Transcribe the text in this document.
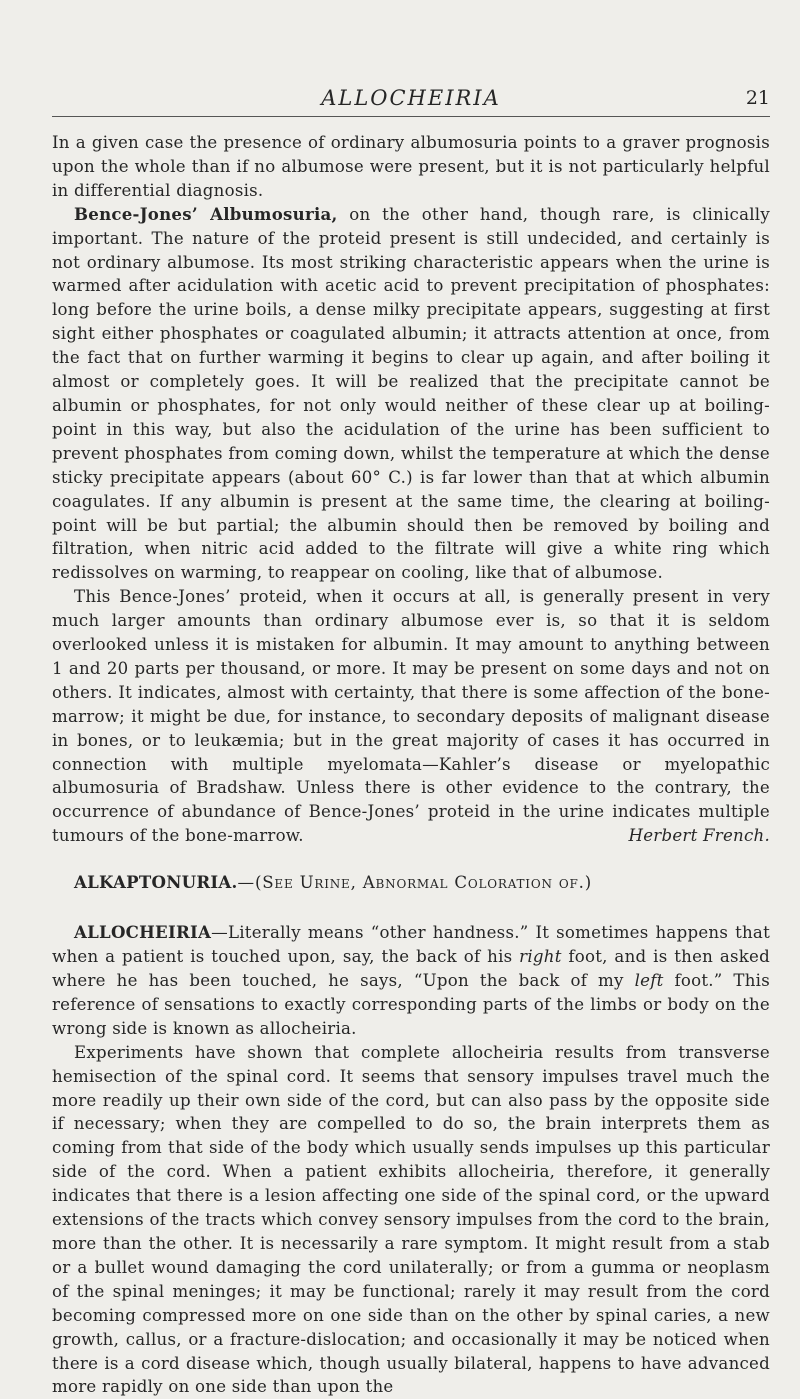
ALLOCHEIRIA	21

In a given case the presence of ordinary albumosuria points to a graver prognosis upon the whole than if no albumose were present, but it is not particularly helpful in differential diagnosis.

Bence-Jones’ Albumosuria, on the other hand, though rare, is clinically important. The nature of the proteid present is still undecided, and certainly is not ordinary albumose. Its most striking characteristic appears when the urine is warmed after acidulation with acetic acid to prevent precipitation of phosphates: long before the urine boils, a dense milky precipitate appears, suggesting at first sight either phosphates or coagulated albumin; it attracts attention at once, from the fact that on further warming it begins to clear up again, and after boiling it almost or completely goes. It will be realized that the precipitate cannot be albumin or phosphates, for not only would neither of these clear up at boiling-point in this way, but also the acidulation of the urine has been sufficient to prevent phosphates from coming down, whilst the temperature at which the dense sticky precipitate appears (about 60° C.) is far lower than that at which albumin coagulates. If any albumin is present at the same time, the clearing at boiling-point will be but partial; the albumin should then be removed by boiling and filtration, when nitric acid added to the filtrate will give a white ring which redissolves on warming, to reappear on cooling, like that of albumose.

This Bence-Jones’ proteid, when it occurs at all, is generally present in very much larger amounts than ordinary albumose ever is, so that it is seldom overlooked unless it is mistaken for albumin. It may amount to anything between 1 and 20 parts per thousand, or more. It may be present on some days and not on others. It indicates, almost with certainty, that there is some affection of the bone-marrow; it might be due, for instance, to secondary deposits of malignant disease in bones, or to leukæmia; but in the great majority of cases it has occurred in connection with multiple myelomata—Kahler’s disease or myelopathic albumosuria of Bradshaw. Unless there is other evidence to the contrary, the occurrence of abundance of Bence-Jones’ proteid in the urine indicates multiple tumours of the bone-marrow.	Herbert French.

ALKAPTONURIA.—(See Urine, Abnormal Coloration of.)

ALLOCHEIRIA—Literally means “other handness.” It sometimes happens that when a patient is touched upon, say, the back of his right foot, and is then asked where he has been touched, he says, “Upon the back of my left foot.” This reference of sensations to exactly corresponding parts of the limbs or body on the wrong side is known as allocheiria.

Experiments have shown that complete allocheiria results from transverse hemisection of the spinal cord. It seems that sensory impulses travel much the more readily up their own side of the cord, but can also pass by the opposite side if necessary; when they are compelled to do so, the brain interprets them as coming from that side of the body which usually sends impulses up this particular side of the cord. When a patient exhibits allocheiria, therefore, it generally indicates that there is a lesion affecting one side of the spinal cord, or the upward extensions of the tracts which convey sensory impulses from the cord to the brain, more than the other. It is necessarily a rare symptom. It might result from a stab or a bullet wound damaging the cord unilaterally; or from a gumma or neoplasm of the spinal meninges; it may be functional; rarely it may result from the cord becoming compressed more on one side than on the other by spinal caries, a new growth, callus, or a fracture-dislocation; and occasionally it may be noticed when there is a cord disease which, though usually bilateral, happens to have advanced more rapidly on one side than upon the
